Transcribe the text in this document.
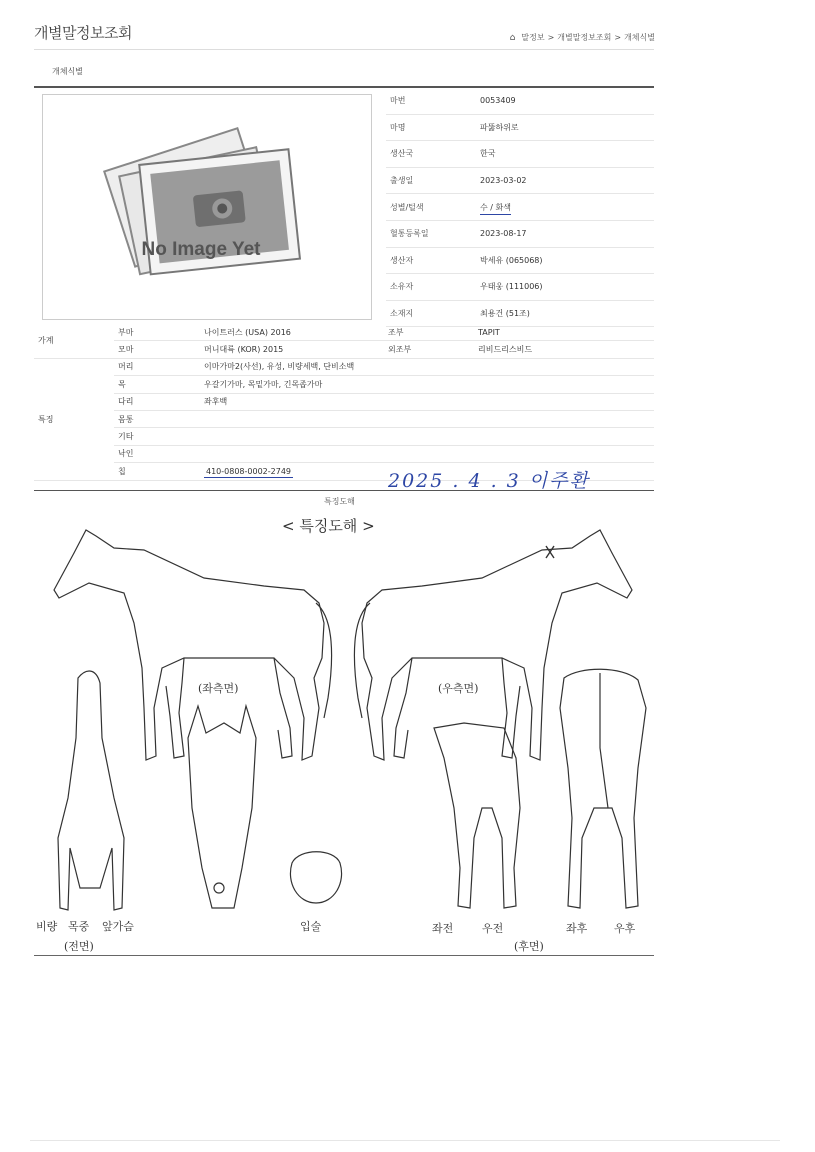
개별말정보조회	⌂ 말정보 > 개별말정보조회 > 개체식별
개체식별
No Image Yet
마번	0053409
마명	파뚫하위로
생산국	한국
출생일	2023-03-02
성별/털색	수 / 화색
혈통등록일	2023-08-17
생산자	박세유 (065068)
소유자	우태웅 (111006)
소재지	최용건 (51조)
가계	부마	나이트러스 (USA) 2016	조부	TAPIT
	모마	머니대륙 (KOR) 2015	외조부	리비드리스비드
특징	머리	이마가마2(사선), 유성, 비량세백, 단비소백		
	목	우갈기가마, 목밑가마, 긴목좁가마		
	다리	좌후백		
	몸통			
	기타			
	낙인			
	칩	410-0808-0002-2749			2025 . 4 . 3 이주환
특징도해
< 특징도해 >
(좌측면)	(우측면)
비량 목중 앞가슴
(전면)
입술	좌전	우전	좌후 우후
(후면)
